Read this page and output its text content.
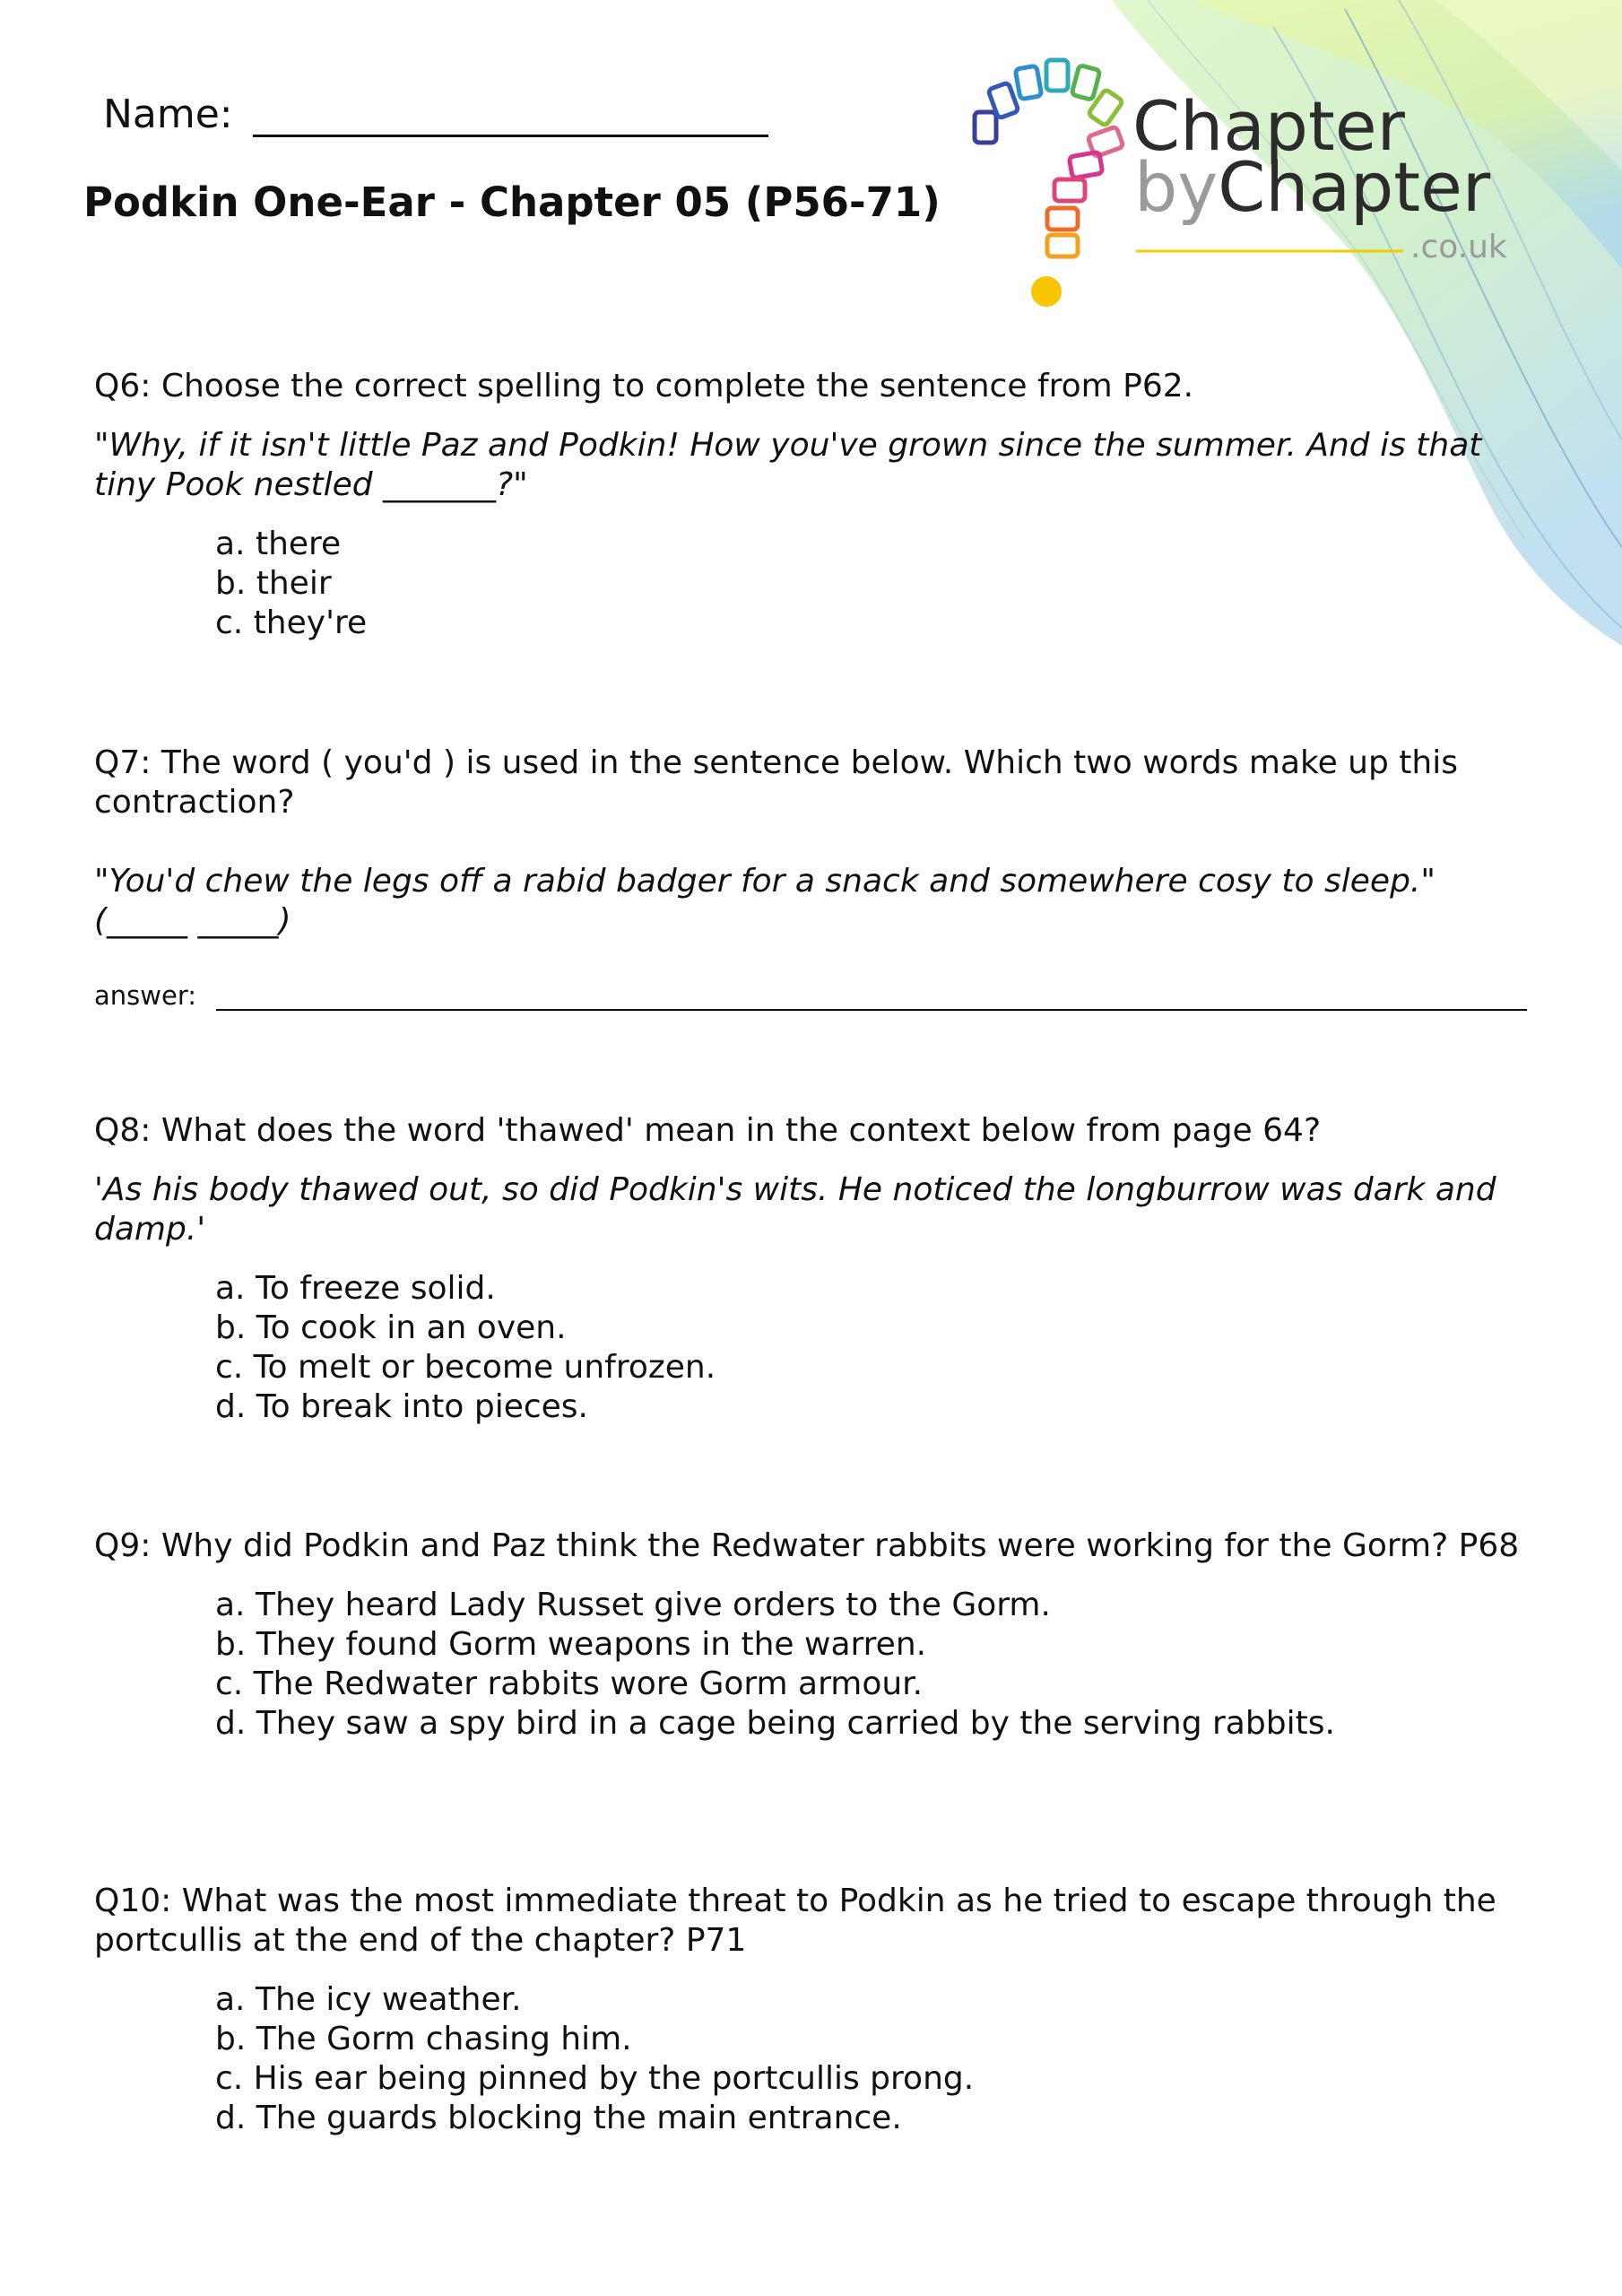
Chapter
byChapter
.co.uk
Name:
Podkin One-Ear - Chapter 05 (P56-71)

Q6: Choose the correct spelling to complete the sentence from P62.

"Why, if it isn't little Paz and Podkin! How you've grown since the summer. And is that tiny Pook nestled _______?"

a. there
b. their
c. they're

Q7: The word ( you'd ) is used in the sentence below. Which two words make up this contraction?

"You'd chew the legs off a rabid badger for a snack and somewhere cosy to sleep." (_____ _____)

answer:

Q8: What does the word 'thawed' mean in the context below from page 64?

'As his body thawed out, so did Podkin's wits. He noticed the longburrow was dark and damp.'

a. To freeze solid.
b. To cook in an oven.
c. To melt or become unfrozen.
d. To break into pieces.

Q9: Why did Podkin and Paz think the Redwater rabbits were working for the Gorm? P68

a. They heard Lady Russet give orders to the Gorm.
b. They found Gorm weapons in the warren.
c. The Redwater rabbits wore Gorm armour.
d. They saw a spy bird in a cage being carried by the serving rabbits.

Q10: What was the most immediate threat to Podkin as he tried to escape through the portcullis at the end of the chapter? P71

a. The icy weather.
b. The Gorm chasing him.
c. His ear being pinned by the portcullis prong.
d. The guards blocking the main entrance.
